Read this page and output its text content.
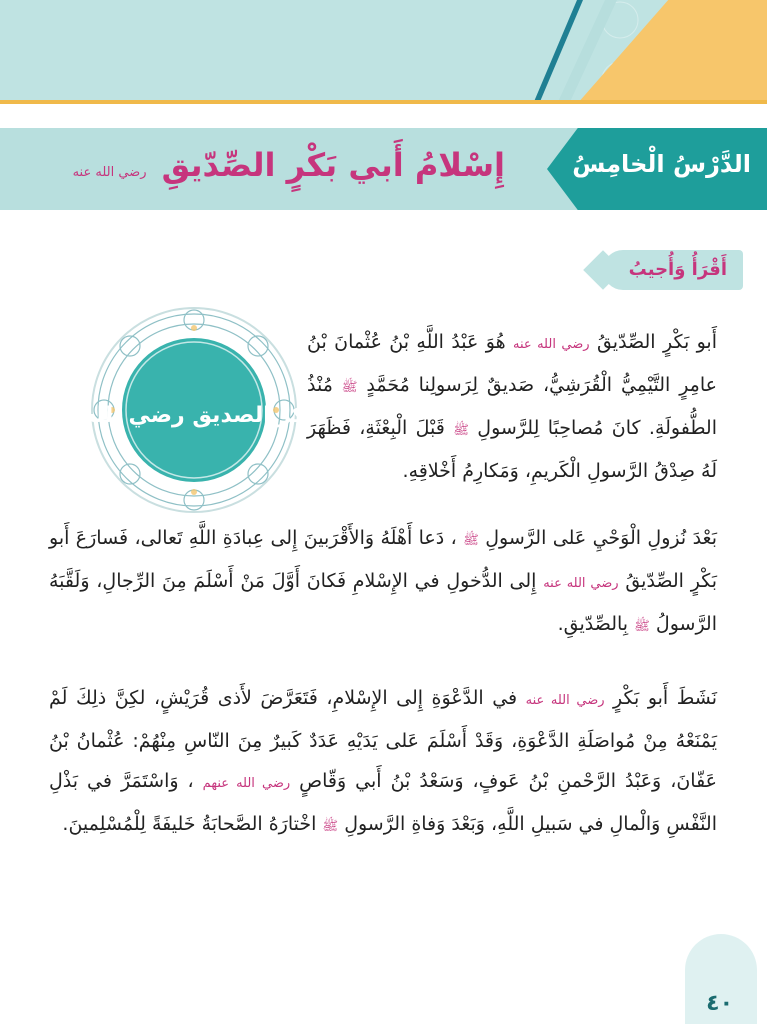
الدَّرْسُ الْخامِسُ
إِسْلامُ أَبي بَكْرٍ الصِّدّيقِ رضي الله عنه
أَقْرَأُ وَأُجيبُ
أبو بكر الصديق رضي الله عنه
أَبو بَكْرٍ الصِّدّيقُ رضي الله عنه هُوَ عَبْدُ اللَّهِ بْنُ عُثْمانَ بْنُ عامِرٍ التَّيْمِيُّ الْقُرَشِيُّ، صَديقٌ لِرَسولِنا مُحَمَّدٍ ﷺ مُنْذُ الطُّفولَةِ. كانَ مُصاحِبًا لِلرَّسولِ ﷺ قَبْلَ الْبِعْثَةِ، فَظَهَرَ لَهُ صِدْقُ الرَّسولِ الْكَريمِ، وَمَكارِمُ أَخْلاقِهِ.
بَعْدَ نُزولِ الْوَحْيِ عَلى الرَّسولِ ﷺ ، دَعا أَهْلَهُ وَالأَقْرَبينَ إِلى عِبادَةِ اللَّهِ تَعالى، فَسارَعَ أَبو بَكْرٍ الصِّدّيقُ رضي الله عنه إِلى الدُّخولِ في الإِسْلامِ فَكانَ أَوَّلَ مَنْ أَسْلَمَ مِنَ الرِّجالِ، وَلَقَّبَهُ الرَّسولُ ﷺ بِالصِّدّيقِ.
نَشَطَ أَبو بَكْرٍ رضي الله عنه في الدَّعْوَةِ إِلى الإِسْلامِ، فَتَعَرَّضَ لأَذى قُرَيْشٍ، لكِنَّ ذلِكَ لَمْ يَمْنَعْهُ مِنْ مُواصَلَةِ الدَّعْوَةِ، وَقَدْ أَسْلَمَ عَلى يَدَيْهِ عَدَدٌ كَبيرٌ مِنَ النّاسِ مِنْهُمْ: عُثْمانُ بْنُ عَفّانَ، وَعَبْدُ الرَّحْمنِ بْنُ عَوفٍ، وَسَعْدُ بْنُ أَبي وَقّاصٍ رضي الله عنهم ، وَاسْتَمَرَّ في بَذْلِ النَّفْسِ وَالْمالِ في سَبيلِ اللَّهِ، وَبَعْدَ وَفاةِ الرَّسولِ ﷺ اخْتارَهُ الصَّحابَةُ خَليفَةً لِلْمُسْلِمينَ.
٤٠
